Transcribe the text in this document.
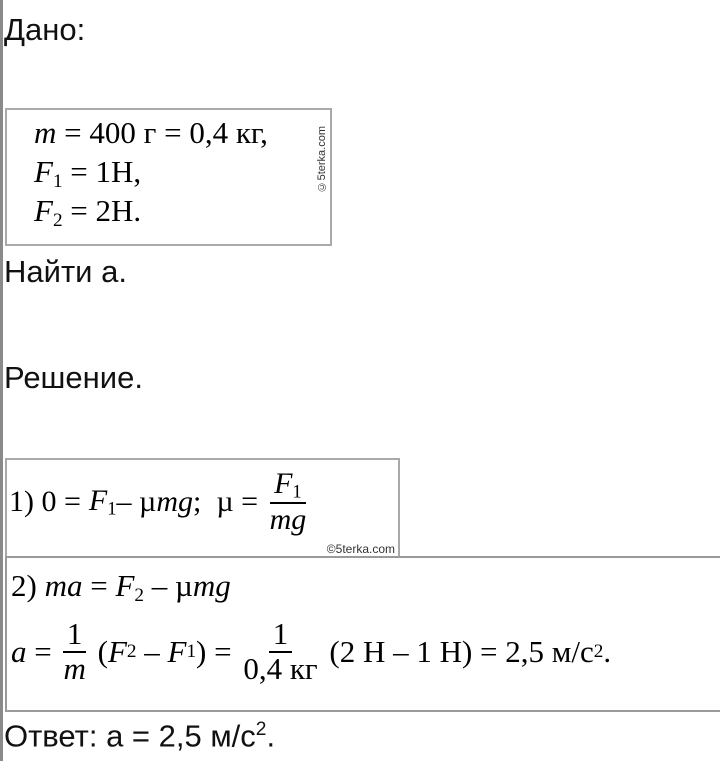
Дано:
m = 400 г = 0,4 кг,
$F_1 = 1Н$,
$F_2 = 2Н$.
©5terka.com
Найти а.
Решение.
1) $0 = F_1 - \mu$ mg ;  $\mu = \frac{F_1}{mg}$
©5terka.com
2) ma = $F_2$ – µmg
$a = \frac{1}{m}$ ( F 2 – F 1 ) = $\frac{1}{0,4 кг} (2$ Н – 1 Н) = 2,5 м/с 2 .
Ответ: a = 2,5 $м/с^2$.
